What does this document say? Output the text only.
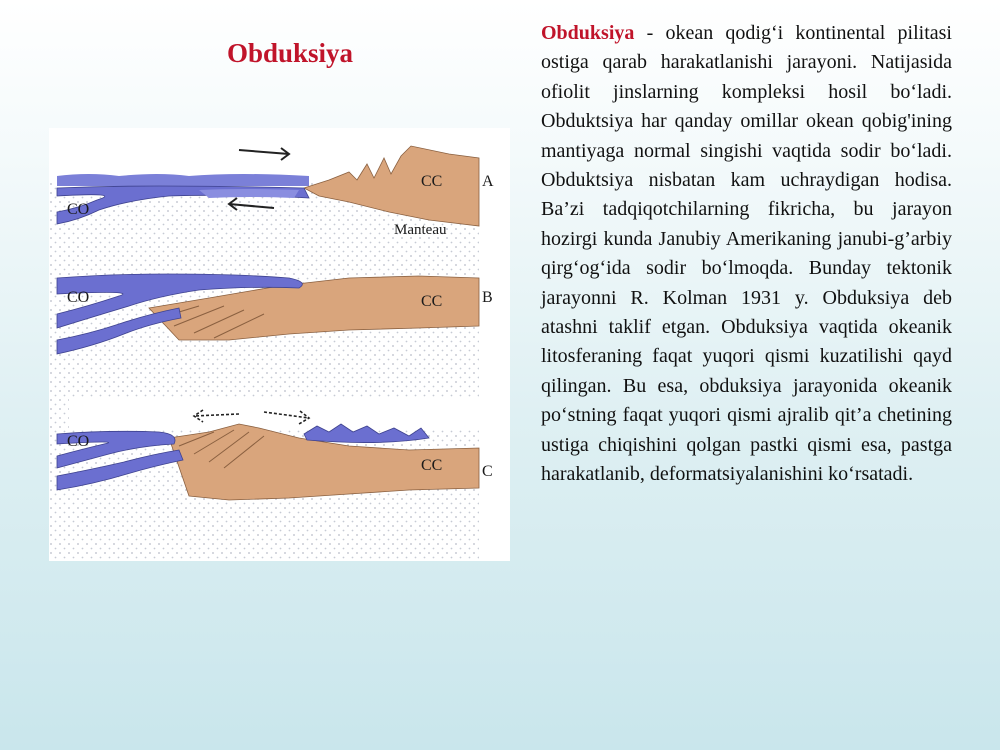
Obduksiya
CO
CC A
Manteau
CO	CC B
CO
CC C

Obduksiya - okean qodig‘i kontinental pilitasi ostiga qarab harakatlanishi jarayoni. Natijasida ofiolit jinslarning kompleksi hosil bo‘ladi. Obduktsiya har qanday omillar okean qobig'ining mantiyaga normal singishi vaqtida sodir bo‘ladi. Obduktsiya nisbatan kam uchraydigan hodisa. Ba’zi tadqiqotchilarning fikricha, bu jarayon hozirgi kunda Janubiy Amerikaning janubi-g’arbiy qirg‘og‘ida sodir bo‘lmoqda. Bunday tektonik jarayonni R. Kolman 1931 y. Obduksiya deb atashni taklif etgan. Obduksiya vaqtida okeanik litosferaning faqat yuqori qismi kuzatilishi qayd qilingan. Bu esa, obduksiya jarayonida okeanik po‘stning faqat yuqori qismi ajralib qit’a chetining ustiga chiqishini qolgan pastki qismi esa, pastga harakatlanib, deformatsiyalanishini ko‘rsatadi.
